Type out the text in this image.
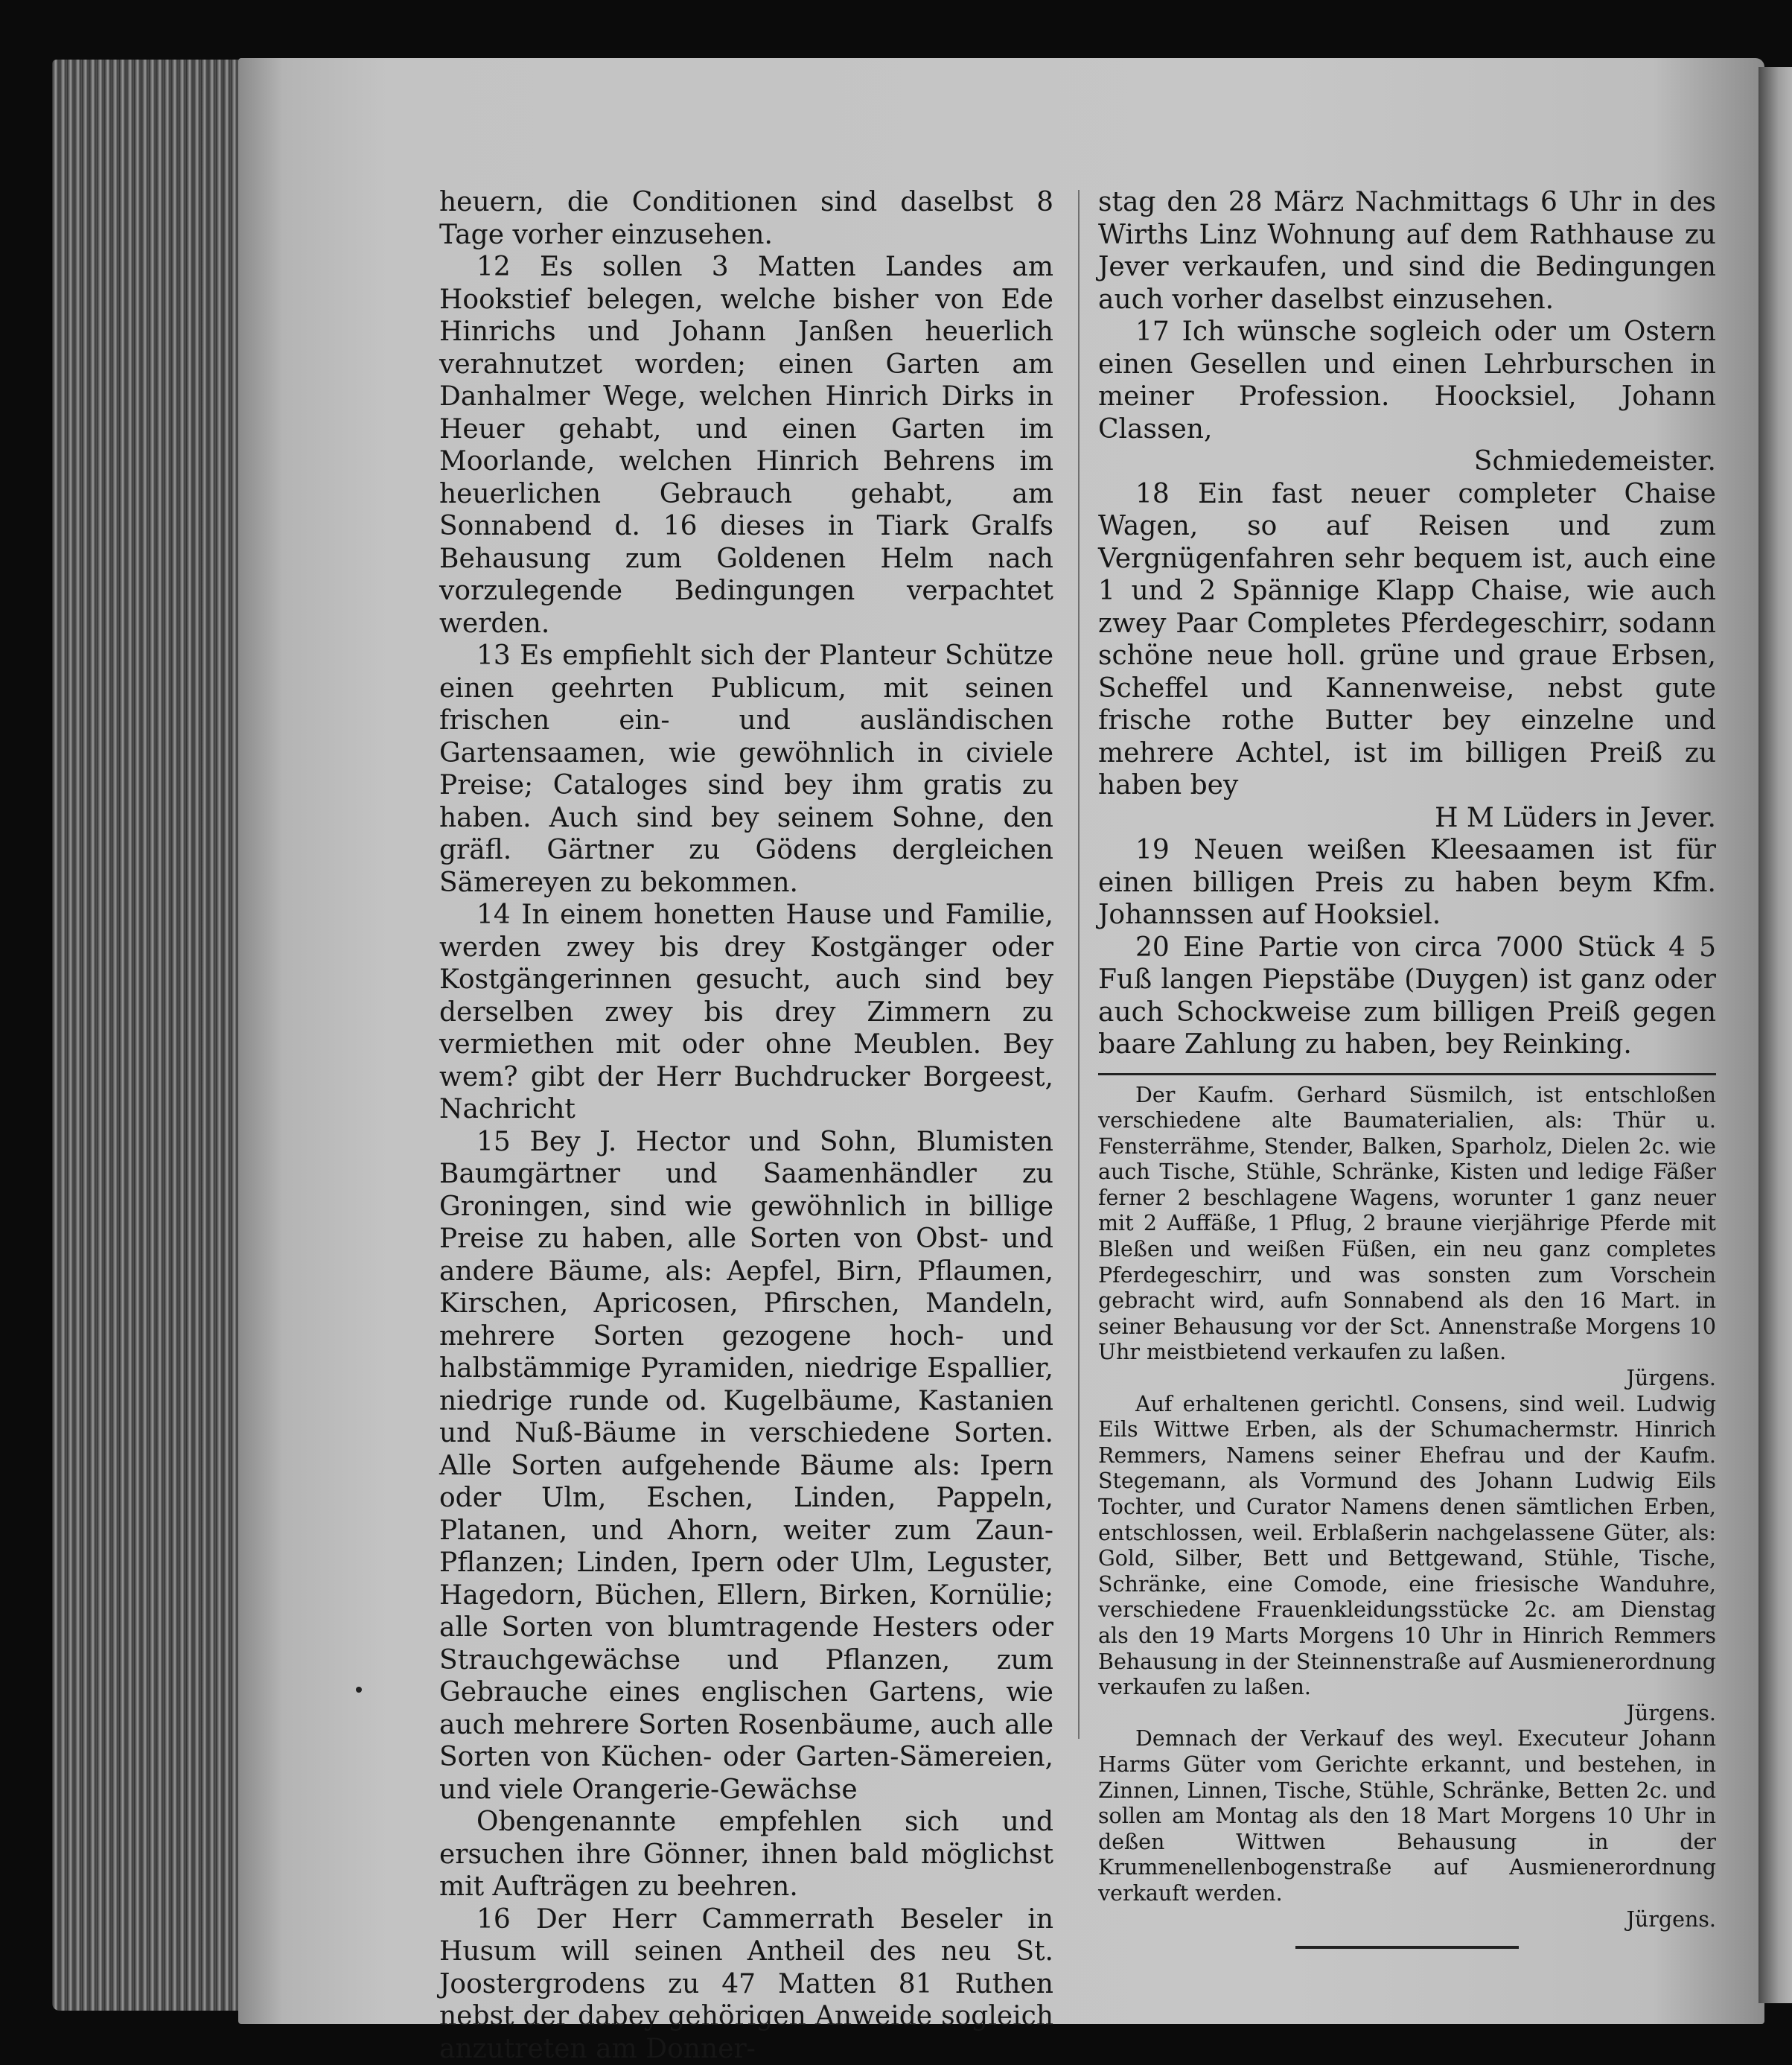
heuern, die Conditionen sind daselbst 8 Tage vorher einzusehen.

12 Es sollen 3 Matten Landes am Hookstief belegen, welche bisher von Ede Hinrichs und Johann Janßen heuerlich verahnutzet worden; einen Garten am Danhalmer Wege, welchen Hinrich Dirks in Heuer gehabt, und einen Garten im Moorlande, welchen Hinrich Behrens im heuerlichen Gebrauch gehabt, am Sonnabend d. 16 dieses in Tiark Gralfs Behausung zum Goldenen Helm nach vorzulegende Bedingungen verpachtet werden.

13 Es empfiehlt sich der Planteur Schütze einen geehrten Publicum, mit seinen frischen ein- und ausländischen Gartensaamen, wie gewöhnlich in civiele Preise; Cataloges sind bey ihm gratis zu haben. Auch sind bey seinem Sohne, den gräfl. Gärtner zu Gödens dergleichen Sämereyen zu bekommen.

14 In einem honetten Hause und Familie, werden zwey bis drey Kostgänger oder Kostgängerinnen gesucht, auch sind bey derselben zwey bis drey Zimmern zu vermiethen mit oder ohne Meublen. Bey wem? gibt der Herr Buchdrucker Borgeest, Nachricht

15 Bey J. Hector und Sohn, Blumisten Baumgärtner und Saamenhändler zu Groningen, sind wie gewöhnlich in billige Preise zu haben, alle Sorten von Obst- und andere Bäume, als: Aepfel, Birn, Pflaumen, Kirschen, Apricosen, Pfirschen, Mandeln, mehrere Sorten gezogene hoch- und halbstämmige Pyramiden, niedrige Espallier, niedrige runde od. Kugelbäume, Kastanien und Nuß-Bäume in verschiedene Sorten. Alle Sorten aufgehende Bäume als: Ipern oder Ulm, Eschen, Linden, Pappeln, Platanen, und Ahorn, weiter zum Zaun-Pflanzen; Linden, Ipern oder Ulm, Leguster, Hagedorn, Büchen, Ellern, Birken, Kornülie; alle Sorten von blumtragende Hesters oder Strauchgewächse und Pflanzen, zum Gebrauche eines englischen Gartens, wie auch mehrere Sorten Rosenbäume, auch alle Sorten von Küchen- oder Garten-Sämereien, und viele Orangerie-Gewächse

Obengenannte empfehlen sich und ersuchen ihre Gönner, ihnen bald möglichst mit Aufträgen zu beehren.

16 Der Herr Cammerrath Beseler in Husum will seinen Antheil des neu St. Joostergrodens zu 47 Matten 81 Ruthen nebst der dabey gehörigen Anweide sogleich anzutreten am Donner-

stag den 28 März Nachmittags 6 Uhr in des Wirths Linz Wohnung auf dem Rathhause zu Jever verkaufen, und sind die Bedingungen auch vorher daselbst einzusehen.

17 Ich wünsche sogleich oder um Ostern einen Gesellen und einen Lehrburschen in meiner Profession. Hoocksiel, Johann Classen,

Schmiedemeister.

18 Ein fast neuer completer Chaise Wagen, so auf Reisen und zum Vergnügenfahren sehr bequem ist, auch eine 1 und 2 Spännige Klapp Chaise, wie auch zwey Paar Completes Pferdegeschirr, sodann schöne neue holl. grüne und graue Erbsen, Scheffel und Kannenweise, nebst gute frische rothe Butter bey einzelne und mehrere Achtel, ist im billigen Preiß zu haben bey

H M Lüders in Jever.

19 Neuen weißen Kleesaamen ist für einen billigen Preis zu haben beym Kfm. Johannssen auf Hooksiel.

20 Eine Partie von circa 7000 Stück 4 5 Fuß langen Piepstäbe (Duygen) ist ganz oder auch Schockweise zum billigen Preiß gegen baare Zahlung zu haben, bey Reinking.

Der Kaufm. Gerhard Süsmilch, ist entschloßen verschiedene alte Baumaterialien, als: Thür u. Fensterrähme, Stender, Balken, Sparholz, Dielen 2c. wie auch Tische, Stühle, Schränke, Kisten und ledige Fäßer ferner 2 beschlagene Wagens, worunter 1 ganz neuer mit 2 Auffäße, 1 Pflug, 2 braune vierjährige Pferde mit Bleßen und weißen Füßen, ein neu ganz completes Pferdegeschirr, und was sonsten zum Vorschein gebracht wird, aufn Sonnabend als den 16 Mart. in seiner Behausung vor der Sct. Annenstraße Morgens 10 Uhr meistbietend verkaufen zu laßen.

Jürgens.

Auf erhaltenen gerichtl. Consens, sind weil. Ludwig Eils Wittwe Erben, als der Schumachermstr. Hinrich Remmers, Namens seiner Ehefrau und der Kaufm. Stegemann, als Vormund des Johann Ludwig Eils Tochter, und Curator Namens denen sämtlichen Erben, entschlossen, weil. Erblaßerin nachgelassene Güter, als: Gold, Silber, Bett und Bettgewand, Stühle, Tische, Schränke, eine Comode, eine friesische Wanduhre, verschiedene Frauenkleidungsstücke 2c. am Dienstag als den 19 Marts Morgens 10 Uhr in Hinrich Remmers Behausung in der Steinnenstraße auf Ausmienerordnung verkaufen zu laßen.

Jürgens.

Demnach der Verkauf des weyl. Executeur Johann Harms Güter vom Gerichte erkannt, und bestehen, in Zinnen, Linnen, Tische, Stühle, Schränke, Betten 2c. und sollen am Montag als den 18 Mart Morgens 10 Uhr in deßen Wittwen Behausung in der Krummenellenbogenstraße auf Ausmienerordnung verkauft werden.

Jürgens.
